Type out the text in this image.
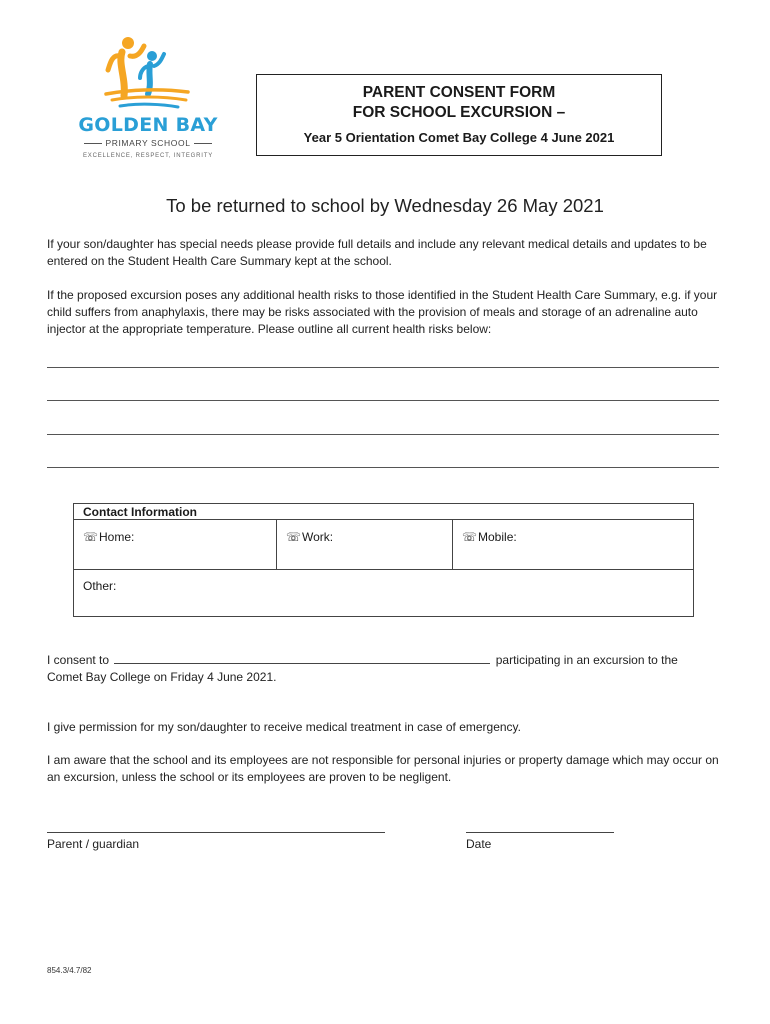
GOLDEN BAY
PRIMARY SCHOOL
EXCELLENCE, RESPECT, INTEGRITY
PARENT CONSENT FORM
FOR SCHOOL EXCURSION –
Year 5 Orientation Comet Bay College 4 June 2021
To be returned to school by Wednesday 26 May 2021
If your son/daughter has special needs please provide full details and include any relevant medical details and updates to be entered on the Student Health Care Summary kept at the school.
If the proposed excursion poses any additional health risks to those identified in the Student Health Care Summary, e.g. if your child suffers from anaphylaxis, there may be risks associated with the provision of meals and storage of an adrenaline auto injector at the appropriate temperature. Please outline all current health risks below:
Contact Information
☏Home:	☏Work:	☏Mobile:
Other:
I consent to	participating in an excursion to the
Comet Bay College on Friday 4 June 2021.
I give permission for my son/daughter to receive medical treatment in case of emergency.
I am aware that the school and its employees are not responsible for personal injuries or property damage which may occur on an excursion, unless the school or its employees are proven to be negligent.
Parent / guardian	Date
854.3/4.7/82
